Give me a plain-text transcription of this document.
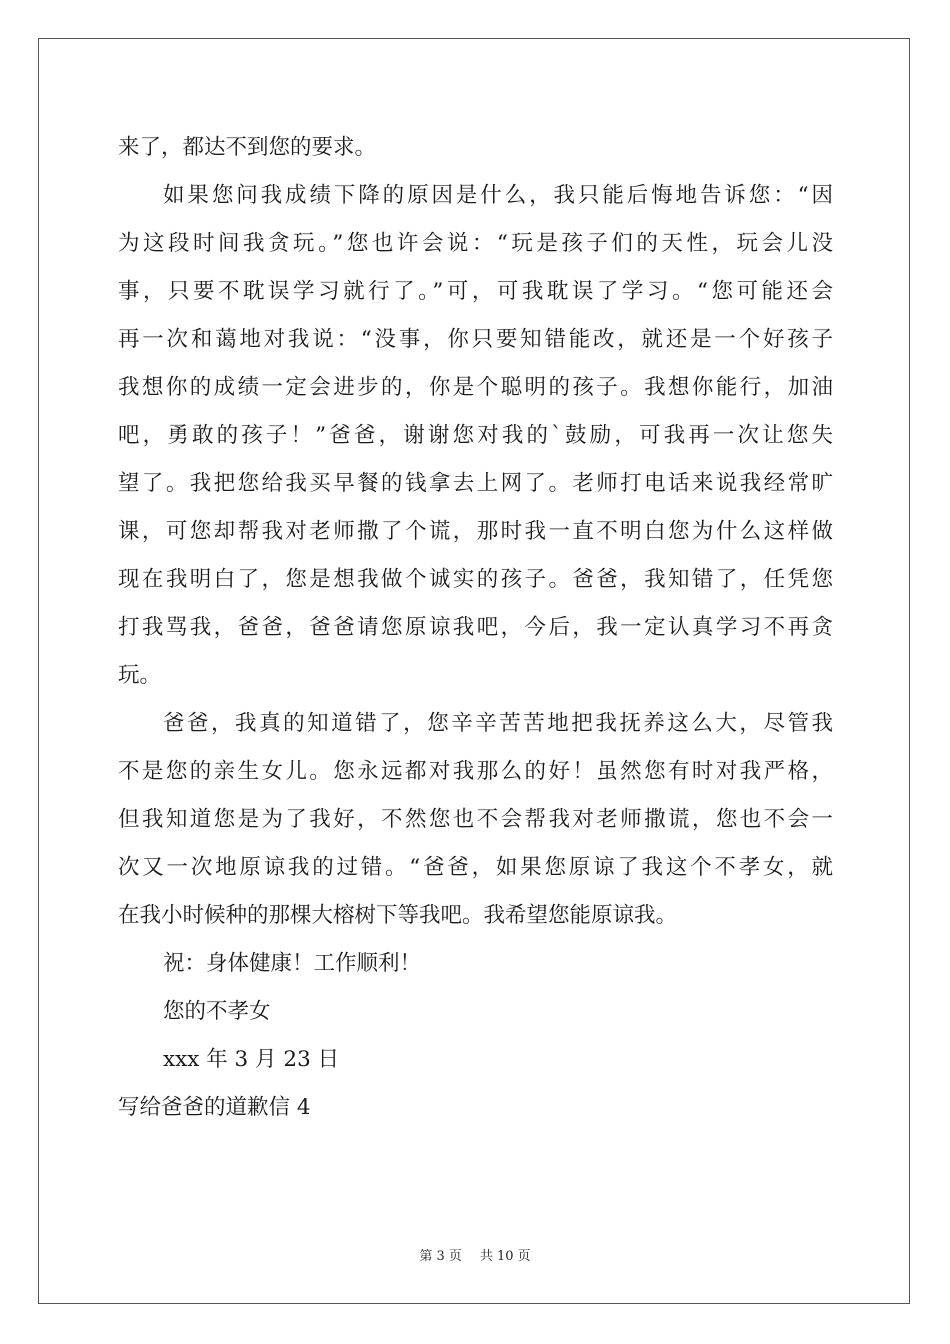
来了，都达不到您的要求。
如果您问我成绩下降的原因是什么，我只能后悔地告诉您：“因
为这段时间我贪玩。”您也许会说：“玩是孩子们的天性，玩会儿没
事，只要不耽误学习就行了。”可，可我耽误了学习。“您可能还会
再一次和蔼地对我说：“没事，你只要知错能改，就还是一个好孩子
我想你的成绩一定会进步的，你是个聪明的孩子。我想你能行，加油
吧，勇敢的孩子！”爸爸，谢谢您对我的`鼓励，可我再一次让您失
望了。我把您给我买早餐的钱拿去上网了。老师打电话来说我经常旷
课，可您却帮我对老师撒了个谎，那时我一直不明白您为什么这样做
现在我明白了，您是想我做个诚实的孩子。爸爸，我知错了，任凭您
打我骂我，爸爸，爸爸请您原谅我吧，今后，我一定认真学习不再贪
玩。
爸爸，我真的知道错了，您辛辛苦苦地把我抚养这么大，尽管我
不是您的亲生女儿。您永远都对我那么的好！虽然您有时对我严格，
但我知道您是为了我好，不然您也不会帮我对老师撒谎，您也不会一
次又一次地原谅我的过错。“爸爸，如果您原谅了我这个不孝女，就
在我小时候种的那棵大榕树下等我吧。我希望您能原谅我。
祝：身体健康！工作顺利！
您的不孝女
xxx 年 3 月 23 日
写给爸爸的道歉信 4
第 3 页 共 10 页
